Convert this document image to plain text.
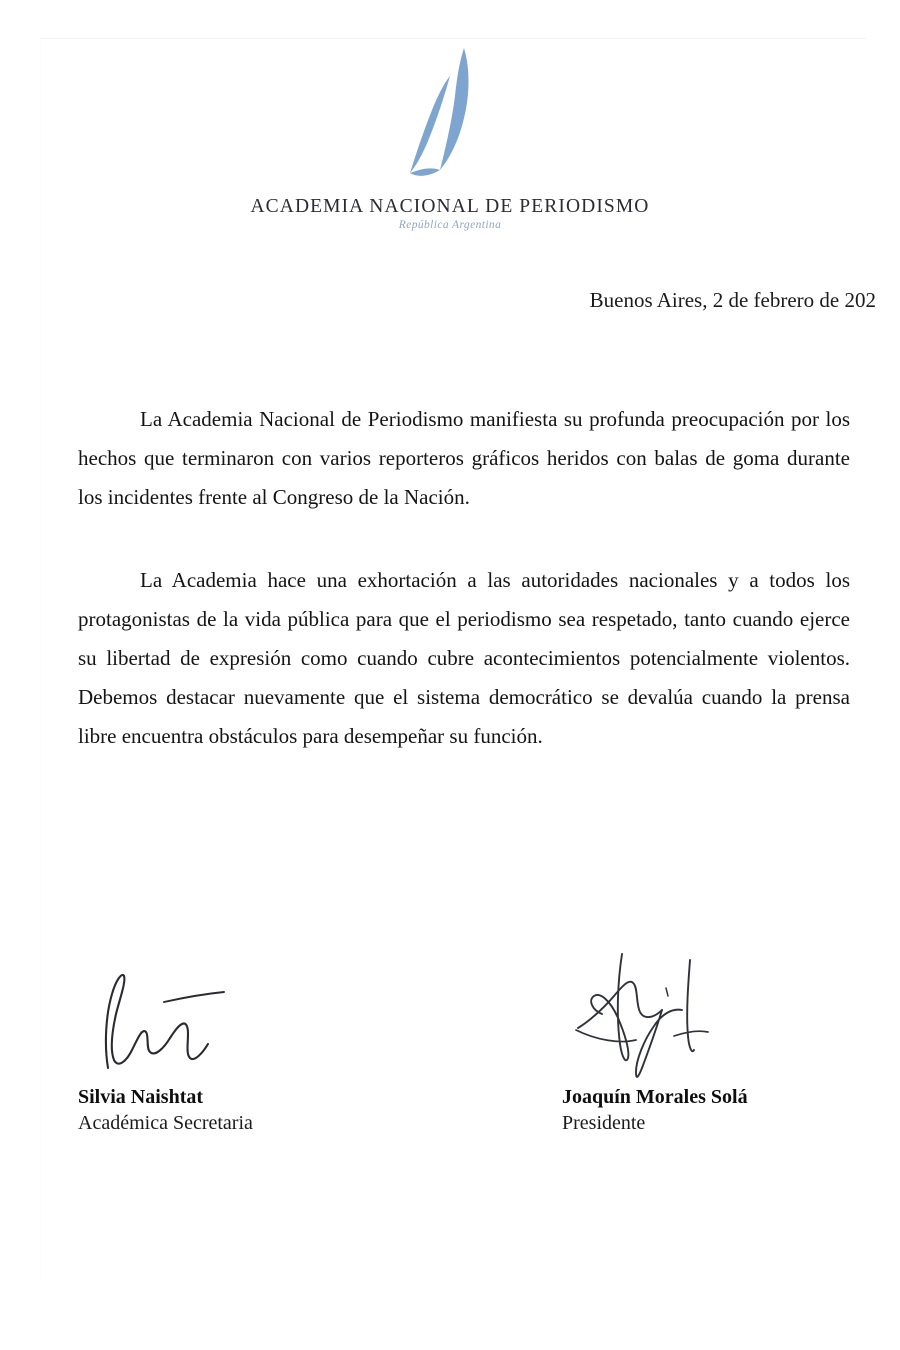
ACADEMIA NACIONAL DE PERIODISMO
República Argentina
Buenos Aires, 2 de febrero de 202

La Academia Nacional de Periodismo manifiesta su profunda preocupación por los hechos que terminaron con varios reporteros gráficos heridos con balas de goma durante los incidentes frente al Congreso de la Nación.

La Academia hace una exhortación a las autoridades nacionales y a todos los protagonistas de la vida pública para que el periodismo sea respetado, tanto cuando ejerce su libertad de expresión como cuando cubre acontecimientos potencialmente violentos. Debemos destacar nuevamente que el sistema democrático se devalúa cuando la prensa libre encuentra obstáculos para desempeñar su función.

Silvia Naishtat
Académica Secretaria
Joaquín Morales Solá
Presidente
